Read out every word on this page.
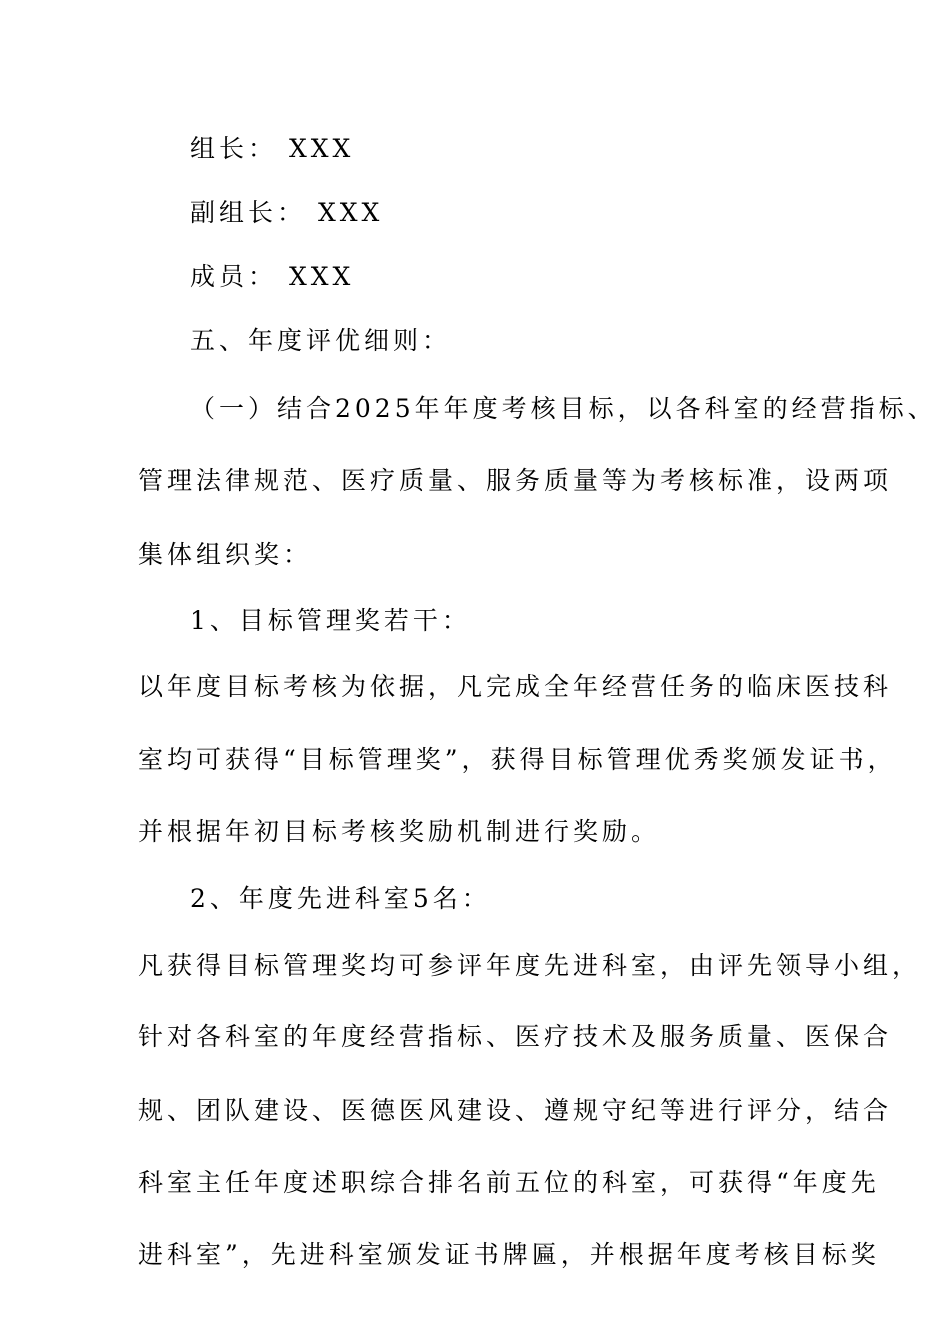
组长： XXX
副组长： XXX
成员： XXX
五、年度评优细则：
（一）结合2025年年度考核目标，以各科室的经营指标、
管理法律规范、医疗质量、服务质量等为考核标准，设两项
集体组织奖：
1、目标管理奖若干：
以年度目标考核为依据，凡完成全年经营任务的临床医技科
室均可获得“目标管理奖”，获得目标管理优秀奖颁发证书，
并根据年初目标考核奖励机制进行奖励。
2、年度先进科室5名：
凡获得目标管理奖均可参评年度先进科室，由评先领导小组，
针对各科室的年度经营指标、医疗技术及服务质量、医保合
规、团队建设、医德医风建设、遵规守纪等进行评分，结合
科室主任年度述职综合排名前五位的科室，可获得“年度先
进科室”，先进科室颁发证书牌匾，并根据年度考核目标奖
